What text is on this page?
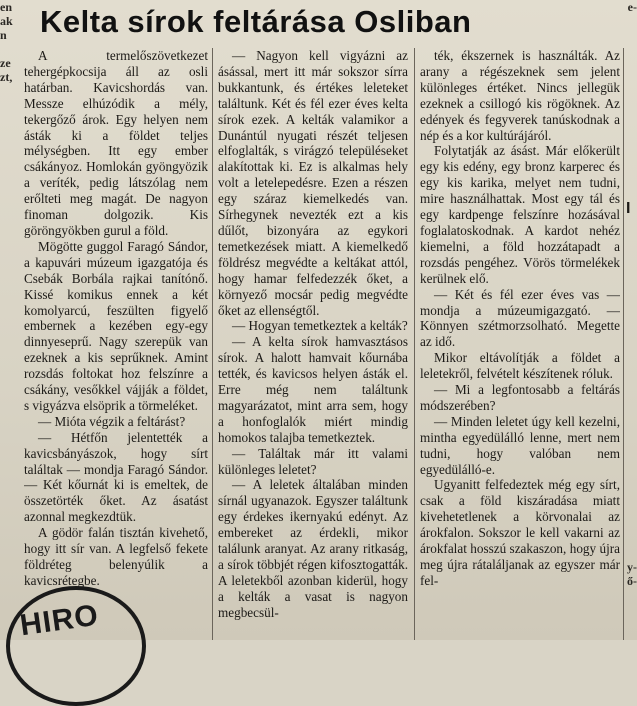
en
ak
n

ze
zt,

e-

y-
ő-
Kelta sírok feltárása Osliban

A termelőszövetkezet tehergépkocsija áll az osli határban. Kavicshordás van. Messze elhúzódik a mély, tekergőző árok. Egy helyen nem ásták ki a földet teljes mélységben. Itt egy ember csákányoz. Homlokán gyöngyözik a veríték, pedig látszólag nem erőlteti meg magát. De nagyon finoman dolgozik. Kis göröngyökben gurul a föld.

Mögötte guggol Faragó Sándor, a kapuvári múzeum igazgatója és Csebák Borbála rajkai tanítónő. Kissé komikus ennek a két komolyarcú, feszülten figyelő embernek a kezében egy-egy dinnyeseprű. Nagy szerepük van ezeknek a kis seprűknek. Amint rozsdás foltokat hoz felszínre a csákány, vesőkkel vájják a földet, s vigyázva elsöprik a törmeléket.

— Mióta végzik a feltárást?

— Hétfőn jelentették a kavicsbányászok, hogy sírt találtak — mondja Faragó Sándor. — Két kőurnát ki is emeltek, de összetörték őket. Az ásatást azonnal megkezdtük.

A gödör falán tisztán kivehető, hogy itt sír van. A legfelső fekete földréteg belenyúlik a kavicsrétegbe.

— Nagyon kell vigyázni az ásással, mert itt már sokszor sírra bukkantunk, és értékes leleteket találtunk. Két és fél ezer éves kelta sírok ezek. A kelták valamikor a Dunántúl nyugati részét teljesen elfoglalták, s virágzó településeket alakítottak ki. Ez is alkalmas hely volt a letelepedésre. Ezen a részen egy száraz kiemelkedés van. Sírhegynek nevezték ezt a kis dűlőt, bizonyára az egykori temetkezések miatt. A kiemelkedő földrész megvédte a keltákat attól, hogy hamar felfedezzék őket, a környező mocsár pedig megvédte őket az ellenségtől.

— Hogyan temetkeztek a kelták?

— A kelta sírok hamvasztásos sírok. A halott hamvait kőurnába tették, és kavicsos helyen ásták el. Erre még nem találtunk magyarázatot, mint arra sem, hogy a honfoglalók miért mindig homokos talajba temetkeztek.

— Találtak már itt valami különleges leletet?

— A leletek általában minden sírnál ugyanazok. Egyszer találtunk egy érdekes ikernyakú edényt. Az embereket az érdekli, mikor találunk aranyat. Az arany ritkaság, a sírok többjét régen kifosztogatták. A leletekből azonban kiderül, hogy a kelták a vasat is nagyon megbecsül-

ték, ékszernek is használták. Az arany a régészeknek sem jelent különleges értéket. Nincs jellegük ezeknek a csillogó kis rögöknek. Az edények és fegyverek tanúskodnak a nép és a kor kultúrájáról.

Folytatják az ásást. Már előkerült egy kis edény, egy bronz karperec és egy kis karika, melyet nem tudni, mire használhattak. Most egy tál és egy kardpenge felszínre hozásával foglalatoskodnak. A kardot nehéz kiemelni, a föld hozzátapadt a rozsdás pengéhez. Vörös törmelékek kerülnek elő.

— Két és fél ezer éves vas — mondja a múzeumigazgató. — Könnyen szétmorzsolható. Megette az idő.

Mikor eltávolítják a földet a leletekről, felvételt készítenek róluk.

— Mi a legfontosabb a feltárás módszerében?

— Minden leletet úgy kell kezelni, mintha egyedülálló lenne, mert nem tudni, hogy valóban nem egyedülálló-e.

Ugyanitt felfedeztek még egy sírt, csak a föld kiszáradása miatt kivehetetlenek a körvonalai az árokfalon. Sokszor le kell vakarni az árokfalat hosszú szakaszon, hogy újra meg újra rátaláljanak az egyszer már fel-

I
HIRO
